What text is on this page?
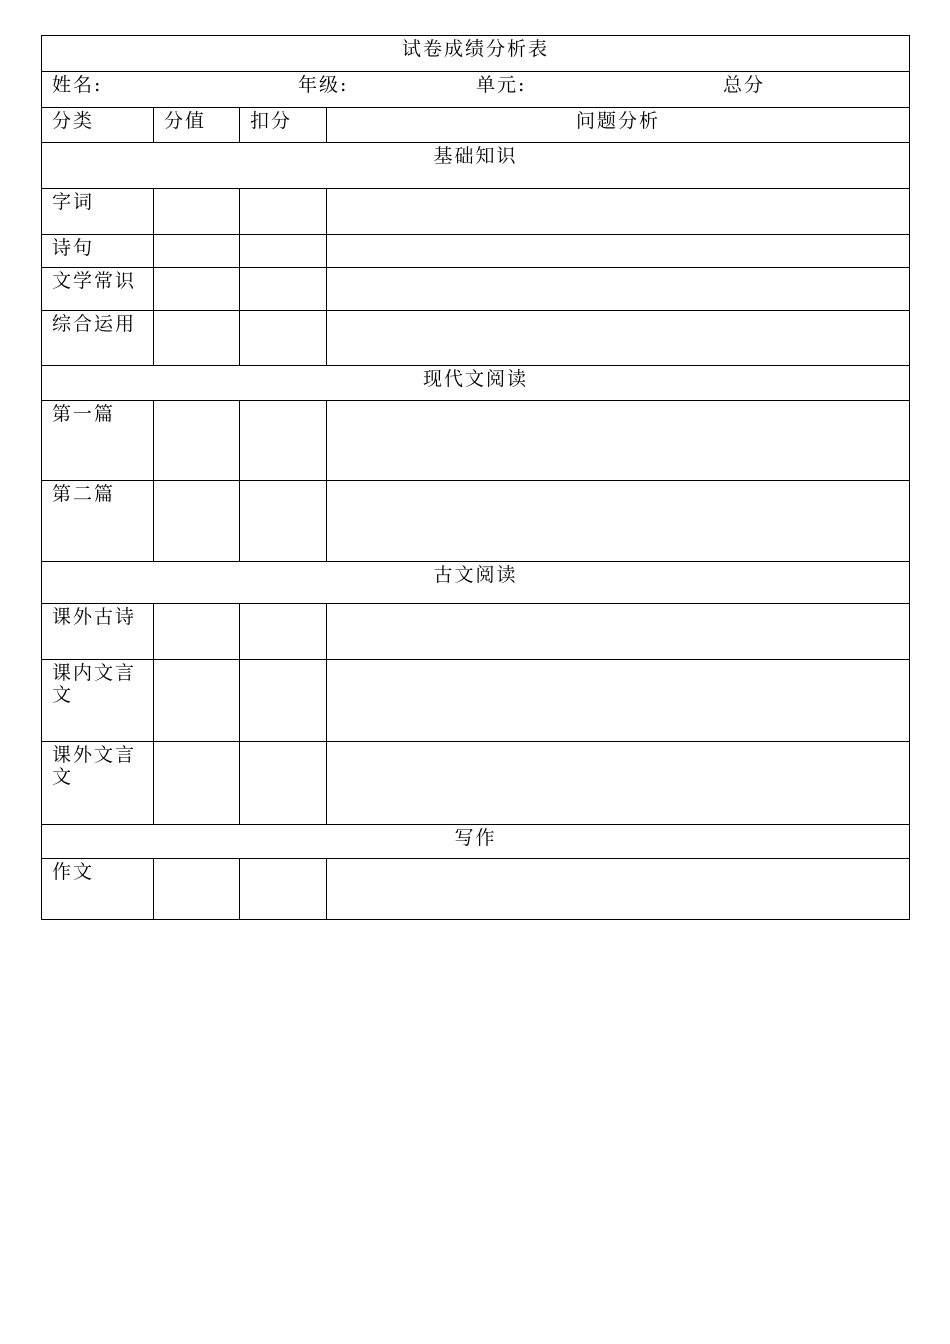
试卷成绩分析表			

姓名: 年级: 单元: 总分			

分类	分值	扣分	问题分析
基础知识			
字词			
诗句			
文学常识			
综合运用			
现代文阅读			
第一篇			
第二篇			
古文阅读			
课外古诗			
课内文言文			
课外文言文			
写作			
作文			
